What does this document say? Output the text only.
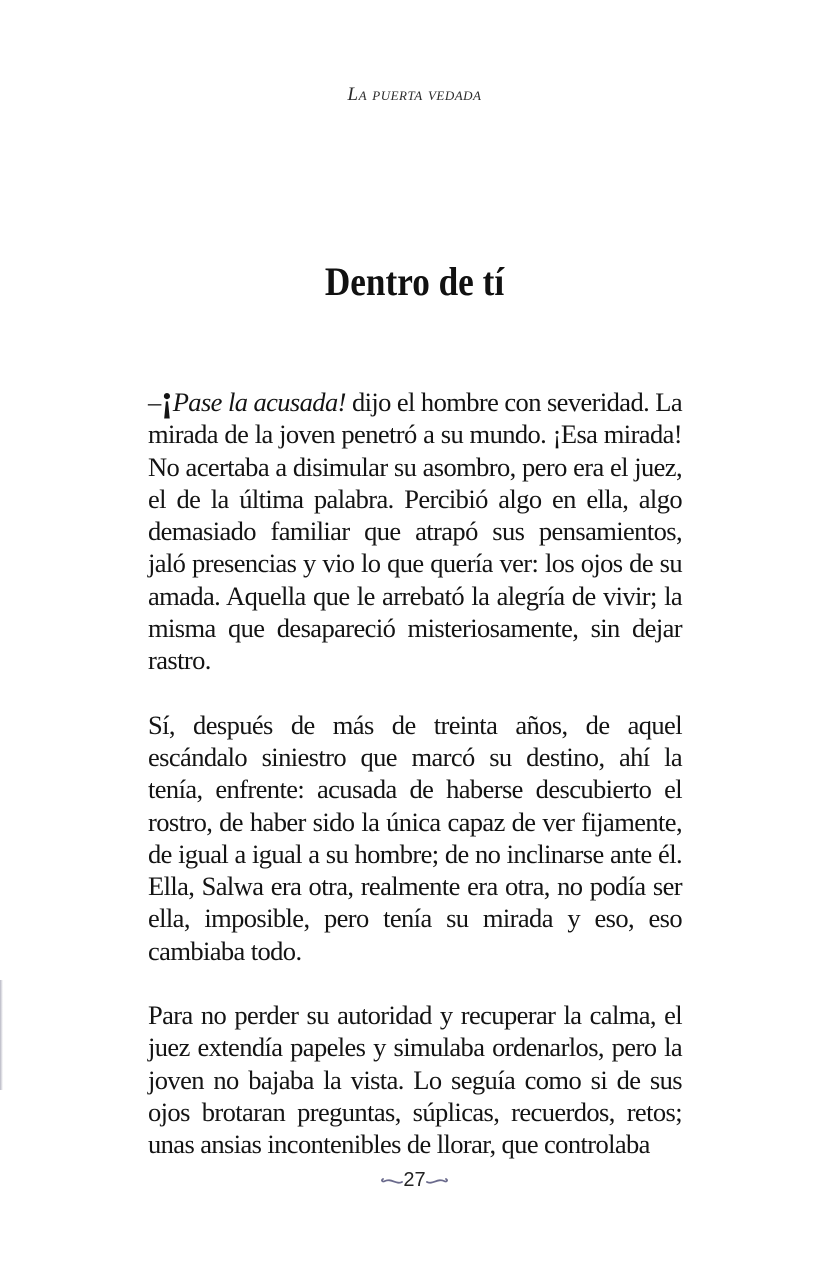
La puerta vedada
Dentro de tí

–¡Pase la acusada! dijo el hombre con severidad. La mirada de la joven penetró a su mundo. ¡Esa mirada! No acertaba a disimular su asombro, pero era el juez, el de la última palabra. Percibió algo en ella, algo demasiado familiar que atrapó sus pensamientos, jaló presencias y vio lo que quería ver: los ojos de su amada. Aquella que le arrebató la alegría de vivir; la misma que desapareció misteriosamente, sin dejar rastro.

Sí, después de más de treinta años, de aquel escándalo siniestro que marcó su destino, ahí la tenía, enfrente: acusada de haberse descubierto el rostro, de haber sido la única capaz de ver fijamente, de igual a igual a su hombre; de no inclinarse ante él. Ella, Salwa era otra, realmente era otra, no podía ser ella, imposible, pero tenía su mirada y eso, eso cambiaba todo.

Para no perder su autoridad y recuperar la calma, el juez extendía papeles y simulaba ordenarlos, pero la joven no bajaba la vista. Lo seguía como si de sus ojos brotaran preguntas, súplicas, recuerdos, retos; unas ansias incontenibles de llorar, que controlaba

27
